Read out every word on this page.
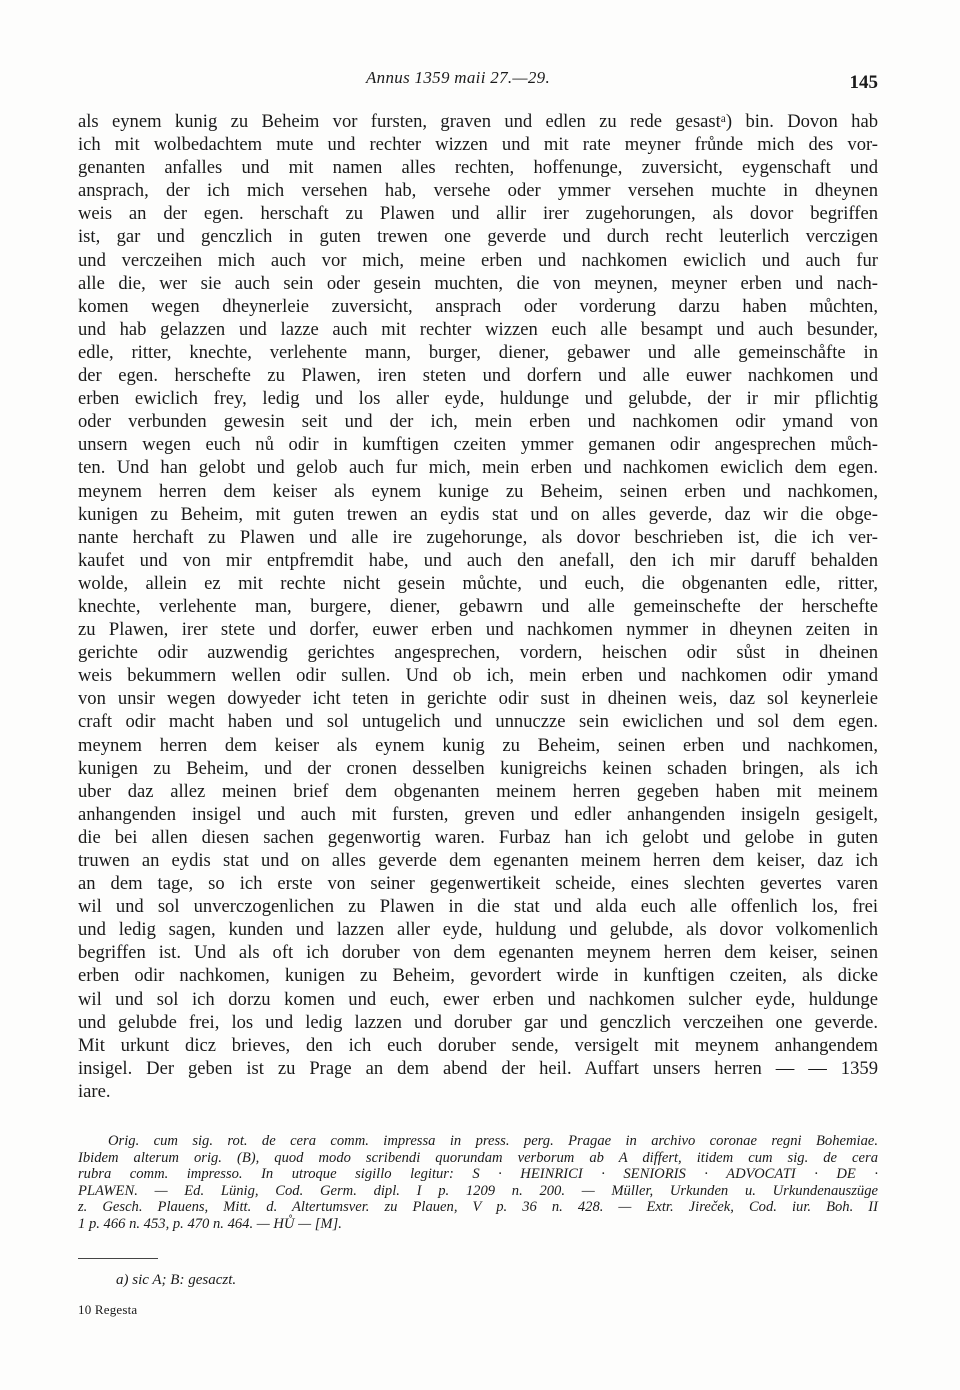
Annus 1359 maii 27.—29.	145
als eynem kunig zu Beheim vor fursten, graven und edlen zu rede gesastᵃ) bin. Dovon hab
ich mit wolbedachtem mute und rechter wizzen und mit rate meyner frůnde mich des vor-
genanten anfalles und mit namen alles rechten, hoffenunge, zuversicht, eygenschaft und
ansprach, der ich mich versehen hab, versehe oder ymmer versehen muchte in dheynen
weis an der egen. herschaft zu Plawen und allir irer zugehorungen, als dovor begriffen
ist, gar und genczlich in guten trewen one geverde und durch recht leuterlich verczigen
und verczeihen mich auch vor mich, meine erben und nachkomen ewiclich und auch fur
alle die, wer sie auch sein oder gesein muchten, die von meynen, meyner erben und nach-
komen wegen dheynerleie zuversicht, ansprach oder vorderung darzu haben můchten,
und hab gelazzen und lazze auch mit rechter wizzen euch alle besampt und auch besunder,
edle, ritter, knechte, verlehente mann, burger, diener, gebawer und alle gemeinschåfte in
der egen. herschefte zu Plawen, iren steten und dorfern und alle euwer nachkomen und
erben ewiclich frey, ledig und los aller eyde, huldunge und gelubde, der ir mir pflichtig
oder verbunden gewesin seit und der ich, mein erben und nachkomen odir ymand von
unsern wegen euch nů odir in kumftigen czeiten ymmer gemanen odir angesprechen můch-
ten. Und han gelobt und gelob auch fur mich, mein erben und nachkomen ewiclich dem egen.
meynem herren dem keiser als eynem kunige zu Beheim, seinen erben und nachkomen,
kunigen zu Beheim, mit guten trewen an eydis stat und on alles geverde, daz wir die obge-
nante herchaft zu Plawen und alle ire zugehorunge, als dovor beschrieben ist, die ich ver-
kaufet und von mir entpfremdit habe, und auch den anefall, den ich mir daruff behalden
wolde, allein ez mit rechte nicht gesein můchte, und euch, die obgenanten edle, ritter,
knechte, verlehente man, burgere, diener, gebawrn und alle gemeinschefte der herschefte
zu Plawen, irer stete und dorfer, euwer erben und nachkomen nymmer in dheynen zeiten in
gerichte odir auzwendig gerichtes angesprechen, vordern, heischen odir sůst in dheinen
weis bekummern wellen odir sullen. Und ob ich, mein erben und nachkomen odir ymand
von unsir wegen dowyeder icht teten in gerichte odir sust in dheinen weis, daz sol keynerleie
craft odir macht haben und sol untugelich und unnuczze sein ewiclichen und sol dem egen.
meynem herren dem keiser als eynem kunig zu Beheim, seinen erben und nachkomen,
kunigen zu Beheim, und der cronen desselben kunigreichs keinen schaden bringen, als ich
uber daz allez meinen brief dem obgenanten meinem herren gegeben haben mit meinem
anhangenden insigel und auch mit fursten, greven und edler anhangenden insigeln gesigelt,
die bei allen diesen sachen gegenwortig waren. Furbaz han ich gelobt und gelobe in guten
truwen an eydis stat und on alles geverde dem egenanten meinem herren dem keiser, daz ich
an dem tage, so ich erste von seiner gegenwertikeit scheide, eines slechten gevertes varen
wil und sol unverczogenlichen zu Plawen in die stat und alda euch alle offenlich los, frei
und ledig sagen, kunden und lazzen aller eyde, huldung und gelubde, als dovor volkomenlich
begriffen ist. Und als oft ich doruber von dem egenanten meynem herren dem keiser, seinen
erben odir nachkomen, kunigen zu Beheim, gevordert wirde in kunftigen czeiten, als dicke
wil und sol ich dorzu komen und euch, ewer erben und nachkomen sulcher eyde, huldunge
und gelubde frei, los und ledig lazzen und doruber gar und genczlich verczeihen one geverde.
Mit urkunt dicz brieves, den ich euch doruber sende, versigelt mit meynem anhangendem
insigel. Der geben ist zu Prage an dem abend der heil. Auffart unsers herren — — 1359
iare.
Orig. cum sig. rot. de cera comm. impressa in press. perg. Pragae in archivo coronae regni Bohemiae.
Ibidem alterum orig. (B), quod modo scribendi quorundam verborum ab A differt, itidem cum sig. de cera
rubra comm. impresso. In utroque sigillo legitur: S · HEINRICI · SENIORIS · ADVOCATI · DE ·
PLAWEN. — Ed. Lünig, Cod. Germ. dipl. I p. 1209 n. 200. — Müller, Urkunden u. Urkundenauszüge
z. Gesch. Plauens, Mitt. d. Altertumsver. zu Plauen, V p. 36 n. 428. — Extr. Jireček, Cod. iur. Boh. II
1 p. 466 n. 453, p. 470 n. 464. — HŮ — [M].
a) sic A; B: gesaczt.
10 Regesta
